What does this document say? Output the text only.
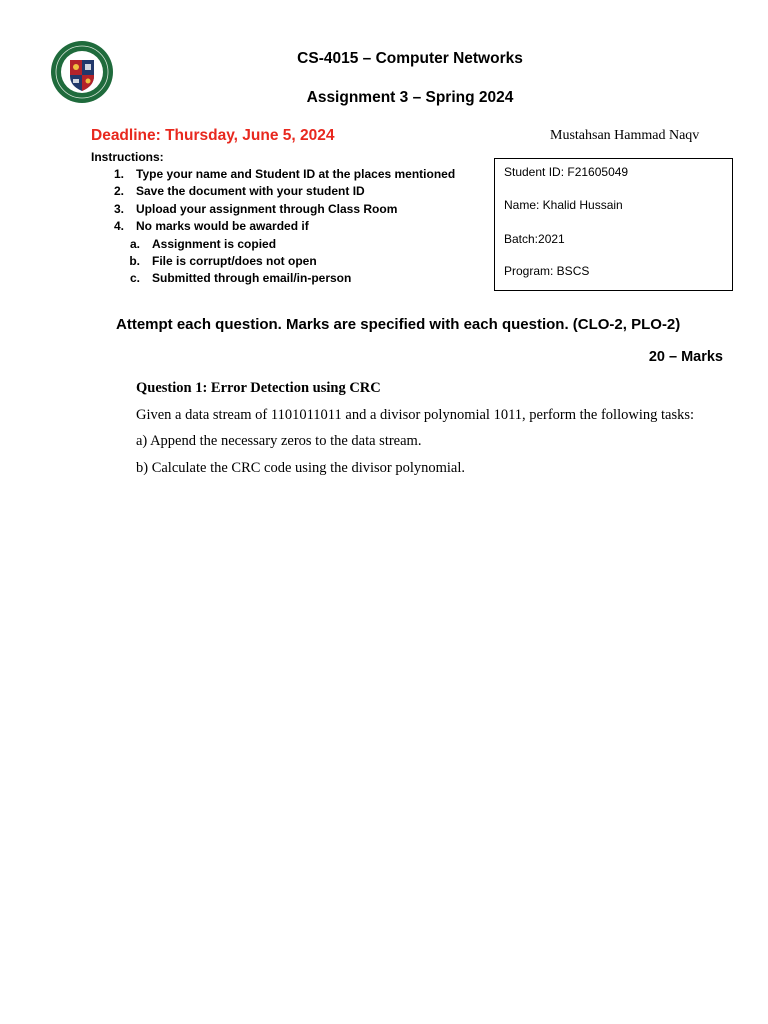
CS-4015 – Computer Networks
Assignment 3 – Spring 2024
Deadline: Thursday, June 5, 2024	Mustahsan Hammad Naqv
Instructions:
1. Type your name and Student ID at the places mentioned
2. Save the document with your student ID
3. Upload your assignment through Class Room
4. No marks would be awarded if
a. Assignment is copied
b. File is corrupt/does not open
c. Submitted through email/in-person
Student ID: F21605049
Name: Khalid Hussain
Batch:2021
Program: BSCS
Attempt each question. Marks are specified with each question. (CLO-2, PLO-2)
20 – Marks
Question 1: Error Detection using CRC
Given a data stream of 1101011011 and a divisor polynomial 1011, perform the following tasks:
a) Append the necessary zeros to the data stream.
b) Calculate the CRC code using the divisor polynomial.
